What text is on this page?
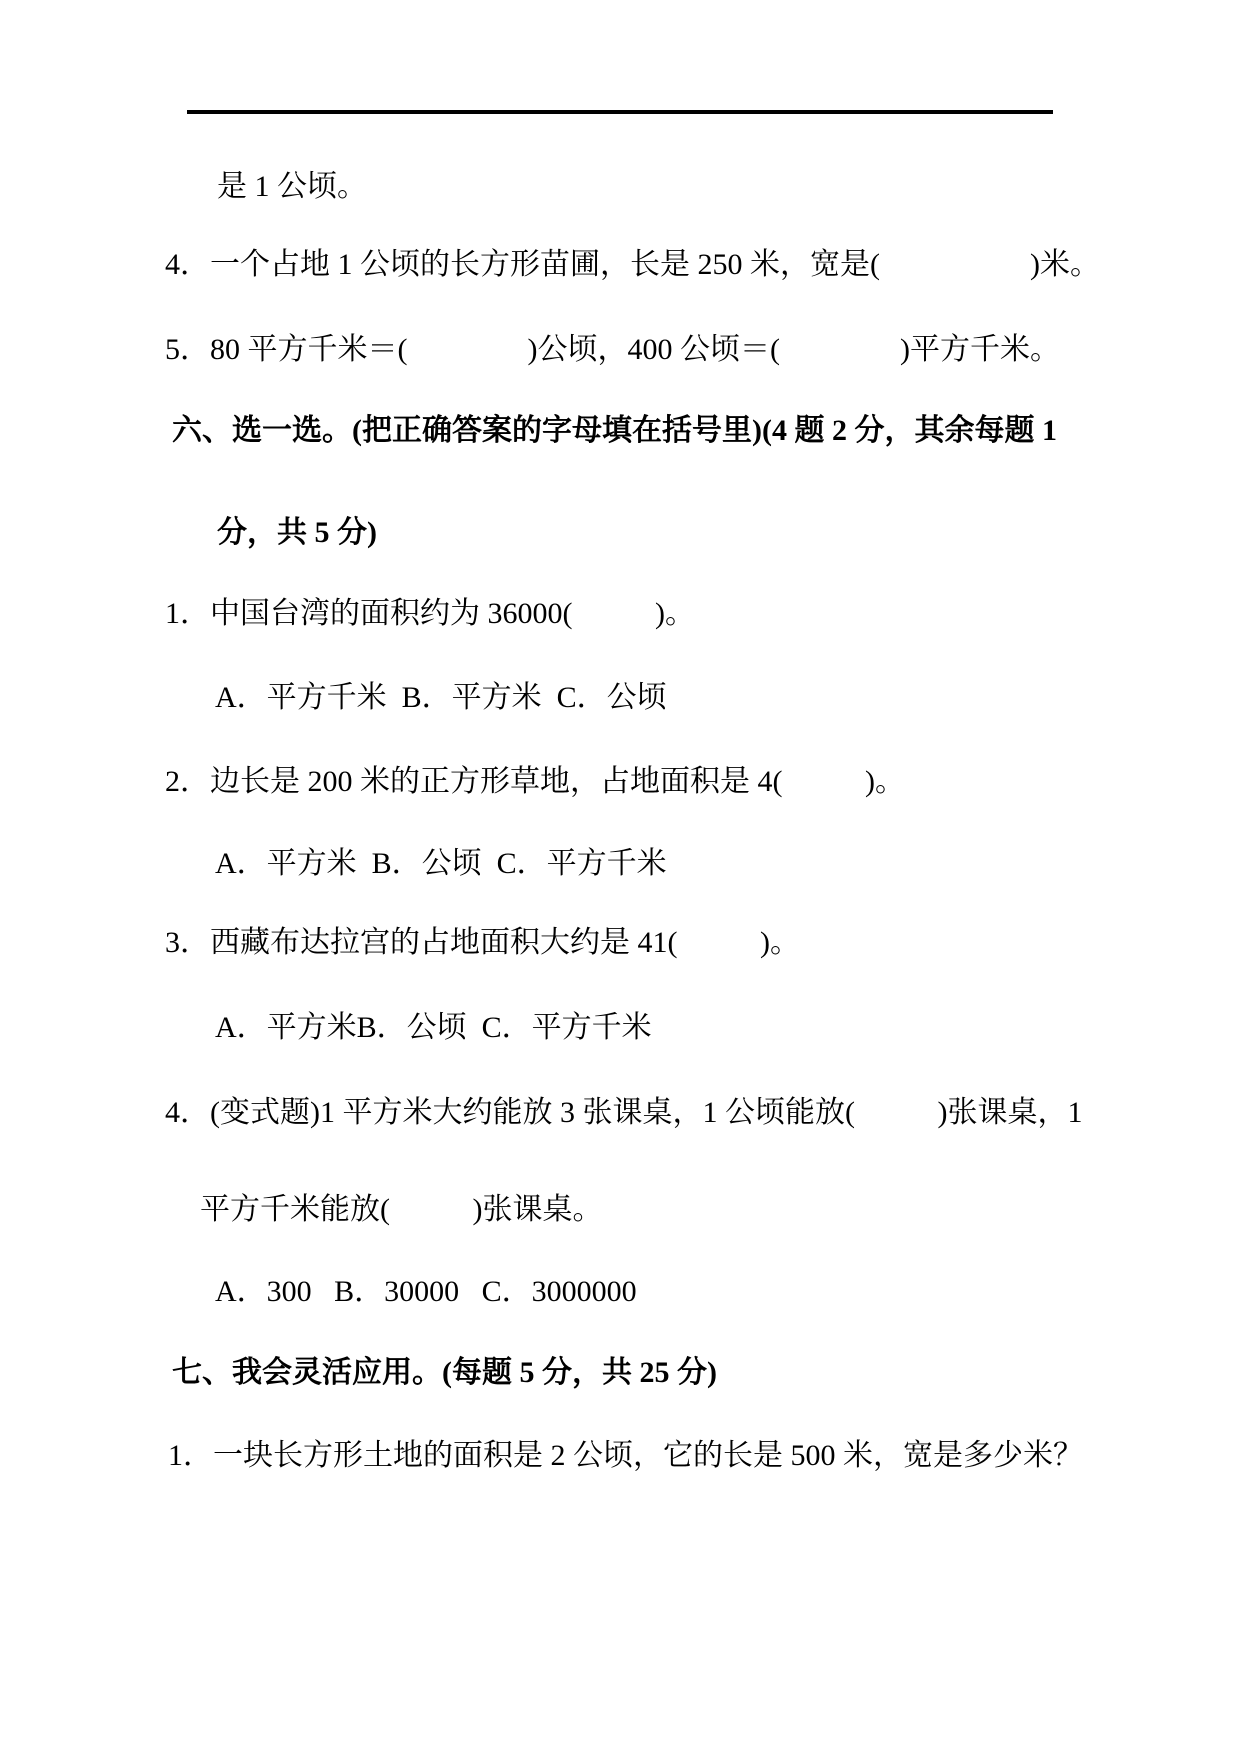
是 1 公顷。
4．一个占地 1 公顷的长方形苗圃，长是 250 米，宽是(                    )米。
5．80 平方千米＝(                )公顷，400 公顷＝(                )平方千米。
六、选一选。(把正确答案的字母填在括号里)(4 题 2 分，其余每题 1
分，共 5 分)
1．中国台湾的面积约为 36000(           )。
A．平方千米  B．平方米  C．公顷
2．边长是 200 米的正方形草地，占地面积是 4(           )。
A．平方米  B．公顷  C．平方千米
3．西藏布达拉宫的占地面积大约是 41(           )。
A．平方米B．公顷  C．平方千米
4．(变式题)1 平方米大约能放 3 张课桌，1 公顷能放(           )张课桌，1
平方千米能放(           )张课桌。
A．300   B．30000   C．3000000
七、我会灵活应用。(每题 5 分，共 25 分)
1．一块长方形土地的面积是 2 公顷，它的长是 500 米，宽是多少米？
